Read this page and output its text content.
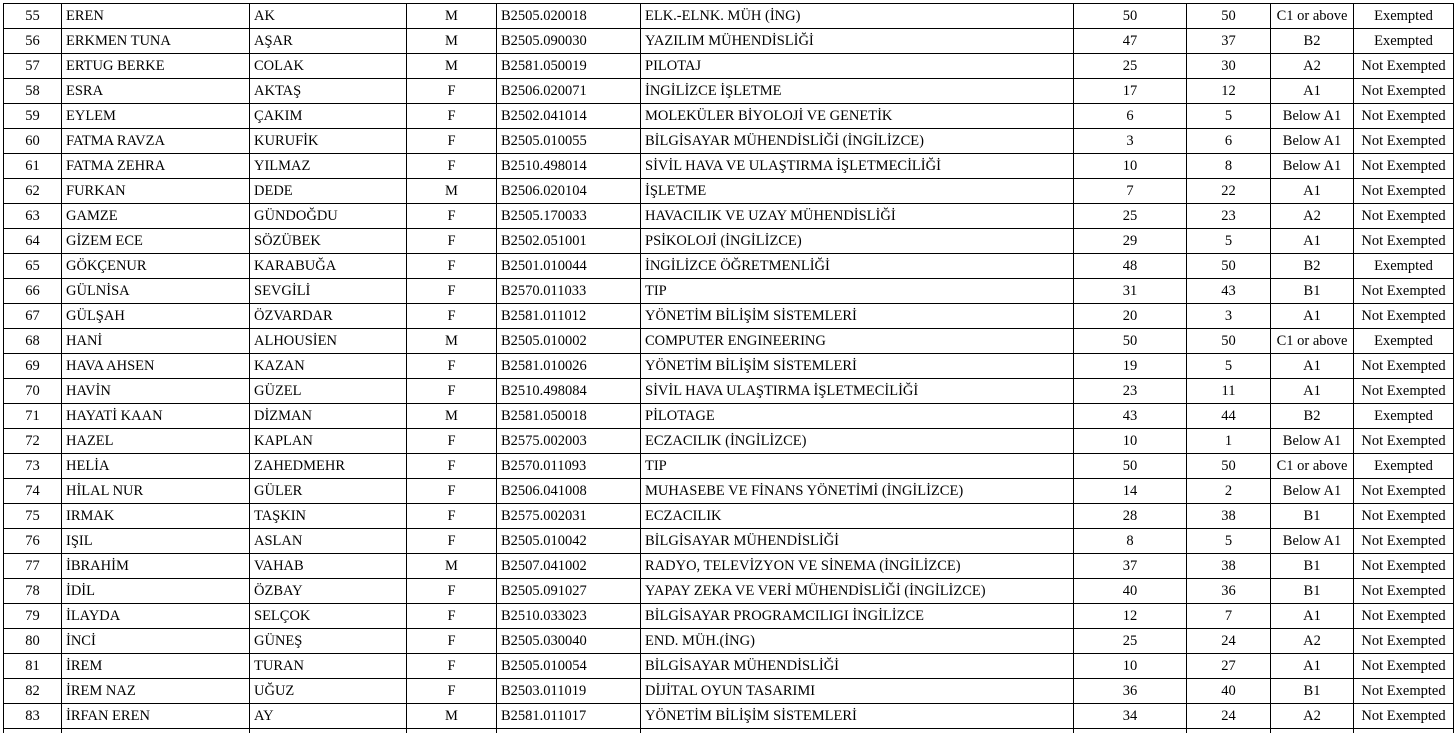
55	EREN	AK	M	B2505.020018	ELK.-ELNK. MÜH (İNG)	50	50	C1 or above	Exempted
56	ERKMEN TUNA	AŞAR	M	B2505.090030	YAZILIM MÜHENDİSLİĞİ	47	37	B2	Exempted
57	ERTUG BERKE	COLAK	M	B2581.050019	PILOTAJ	25	30	A2	Not Exempted
58	ESRA	AKTAŞ	F	B2506.020071	İNGİLİZCE İŞLETME	17	12	A1	Not Exempted
59	EYLEM	ÇAKIM	F	B2502.041014	MOLEKÜLER BİYOLOJİ VE GENETİK	6	5	Below A1	Not Exempted
60	FATMA RAVZA	KURUFİK	F	B2505.010055	BİLGİSAYAR MÜHENDİSLİĞİ (İNGİLİZCE)	3	6	Below A1	Not Exempted
61	FATMA ZEHRA	YILMAZ	F	B2510.498014	SİVİL HAVA VE ULAŞTIRMA İŞLETMECİLİĞİ	10	8	Below A1	Not Exempted
62	FURKAN	DEDE	M	B2506.020104	İŞLETME	7	22	A1	Not Exempted
63	GAMZE	GÜNDOĞDU	F	B2505.170033	HAVACILIK VE UZAY MÜHENDİSLİĞİ	25	23	A2	Not Exempted
64	GİZEM ECE	SÖZÜBEK	F	B2502.051001	PSİKOLOJİ (İNGİLİZCE)	29	5	A1	Not Exempted
65	GÖKÇENUR	KARABUĞA	F	B2501.010044	İNGİLİZCE ÖĞRETMENLİĞİ	48	50	B2	Exempted
66	GÜLNİSA	SEVGİLİ	F	B2570.011033	TIP	31	43	B1	Not Exempted
67	GÜLŞAH	ÖZVARDAR	F	B2581.011012	YÖNETİM BİLİŞİM SİSTEMLERİ	20	3	A1	Not Exempted
68	HANİ	ALHOUSİEN	M	B2505.010002	COMPUTER ENGINEERING	50	50	C1 or above	Exempted
69	HAVA AHSEN	KAZAN	F	B2581.010026	YÖNETİM BİLİŞİM SİSTEMLERİ	19	5	A1	Not Exempted
70	HAVİN	GÜZEL	F	B2510.498084	SİVİL HAVA ULAŞTIRMA İŞLETMECİLİĞİ	23	11	A1	Not Exempted
71	HAYATİ KAAN	DİZMAN	M	B2581.050018	PİLOTAGE	43	44	B2	Exempted
72	HAZEL	KAPLAN	F	B2575.002003	ECZACILIK (İNGİLİZCE)	10	1	Below A1	Not Exempted
73	HELİA	ZAHEDMEHR	F	B2570.011093	TIP	50	50	C1 or above	Exempted
74	HİLAL NUR	GÜLER	F	B2506.041008	MUHASEBE VE FİNANS YÖNETİMİ (İNGİLİZCE)	14	2	Below A1	Not Exempted
75	IRMAK	TAŞKIN	F	B2575.002031	ECZACILIK	28	38	B1	Not Exempted
76	IŞIL	ASLAN	F	B2505.010042	BİLGİSAYAR MÜHENDİSLİĞİ	8	5	Below A1	Not Exempted
77	İBRAHİM	VAHAB	M	B2507.041002	RADYO, TELEVİZYON VE SİNEMA (İNGİLİZCE)	37	38	B1	Not Exempted
78	İDİL	ÖZBAY	F	B2505.091027	YAPAY ZEKA VE VERİ MÜHENDİSLİĞİ (İNGİLİZCE)	40	36	B1	Not Exempted
79	İLAYDA	SELÇOK	F	B2510.033023	BİLGİSAYAR PROGRAMCILIGI İNGİLİZCE	12	7	A1	Not Exempted
80	İNCİ	GÜNEŞ	F	B2505.030040	END. MÜH.(İNG)	25	24	A2	Not Exempted
81	İREM	TURAN	F	B2505.010054	BİLGİSAYAR MÜHENDİSLİĞİ	10	27	A1	Not Exempted
82	İREM NAZ	UĞUZ	F	B2503.011019	DİJİTAL OYUN TASARIMI	36	40	B1	Not Exempted
83	İRFAN EREN	AY	M	B2581.011017	YÖNETİM BİLİŞİM SİSTEMLERİ	34	24	A2	Not Exempted
